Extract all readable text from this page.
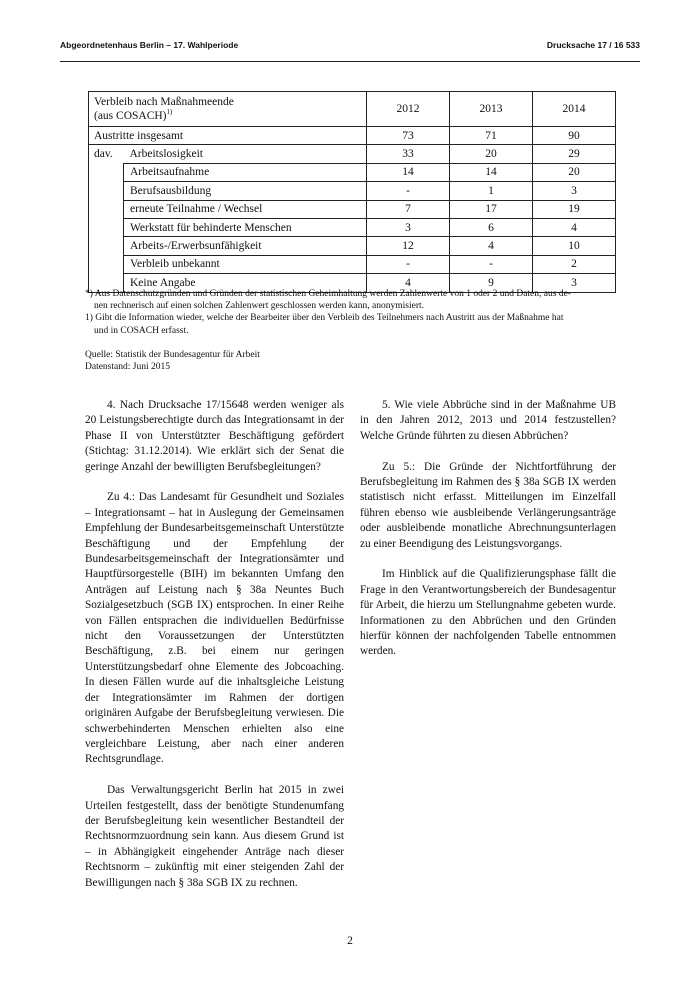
Abgeordnetenhaus Berlin – 17. Wahlperiode	Drucksache 17 / 16 533
Verbleib nach Maßnahmeende
(aus COSACH)$^{1)}$		2012	2013	2014
Austritte insgesamt		73	71	90
dav.	Arbeitslosigkeit	33	20	29
	Arbeitsaufnahme	14	14	20
	Berufsausbildung	-	1	3
	erneute Teilnahme / Wechsel	7	17	19
	Werkstatt für behinderte Menschen	3	6	4
	Arbeits-/Erwerbsunfähigkeit	12	4	10
	Verbleib unbekannt	-	-	2
	Keine Angabe	4	9	3

*) Aus Datenschutzgründen und Gründen der statistischen Geheimhaltung werden Zahlenwerte von 1 oder 2 und Daten, aus de-

nen rechnerisch auf einen solchen Zahlenwert geschlossen werden kann, anonymisiert.

1) Gibt die Information wieder, welche der Bearbeiter über den Verbleib des Teilnehmers nach Austritt aus der Maßnahme hat

und in COSACH erfasst.

Quelle: Statistik der Bundesagentur für Arbeit
Datenstand: Juni 2015

4. Nach Drucksache 17/15648 werden weniger als 20 Leistungsberechtigte durch das Integrationsamt in der Phase II von Unterstützter Beschäftigung gefördert (Stichtag: 31.12.2014). Wie erklärt sich der Senat die geringe Anzahl der bewilligten Berufsbegleitungen?

Zu 4.: Das Landesamt für Gesundheit und Soziales – Integrationsamt – hat in Auslegung der Gemeinsamen Empfehlung der Bundesarbeitsgemeinschaft Unterstützte Beschäftigung und der Empfehlung der Bundesarbeitsgemeinschaft der Integrationsämter und Hauptfürsorgestelle (BIH) im bekannten Umfang den Anträgen auf Leistung nach § 38a Neuntes Buch Sozialgesetzbuch (SGB IX) entsprochen. In einer Reihe von Fällen entsprachen die individuellen Bedürfnisse nicht den Voraussetzungen der Unterstützten Beschäftigung, z.B. bei einem nur geringen Unterstützungsbedarf ohne Elemente des Jobcoaching. In diesen Fällen wurde auf die inhaltsgleiche Leistung der Integrationsämter im Rahmen der dortigen originären Aufgabe der Berufsbegleitung verwiesen. Die schwerbehinderten Menschen erhielten also eine vergleichbare Leistung, aber nach einer anderen Rechtsgrundlage.

Das Verwaltungsgericht Berlin hat 2015 in zwei Urteilen festgestellt, dass der benötigte Stundenumfang der Berufsbegleitung kein wesentlicher Bestandteil der Rechtsnormzuordnung sein kann. Aus diesem Grund ist – in Abhängigkeit eingehender Anträge nach dieser Rechtsnorm – zukünftig mit einer steigenden Zahl der Bewilligungen nach § 38a SGB IX zu rechnen.

5. Wie viele Abbrüche sind in der Maßnahme UB in den Jahren 2012, 2013 und 2014 festzustellen? Welche Gründe führten zu diesen Abbrüchen?

Zu 5.: Die Gründe der Nichtfortführung der Berufsbegleitung im Rahmen des § 38a SGB IX werden statistisch nicht erfasst. Mitteilungen im Einzelfall führen ebenso wie ausbleibende Verlängerungsanträge oder ausbleibende monatliche Abrechnungsunterlagen zu einer Beendigung des Leistungsvorgangs.

Im Hinblick auf die Qualifizierungsphase fällt die Frage in den Verantwortungsbereich der Bundesagentur für Arbeit, die hierzu um Stellungnahme gebeten wurde. Informationen zu den Abbrüchen und den Gründen hierfür können der nachfolgenden Tabelle entnommen werden.

2
